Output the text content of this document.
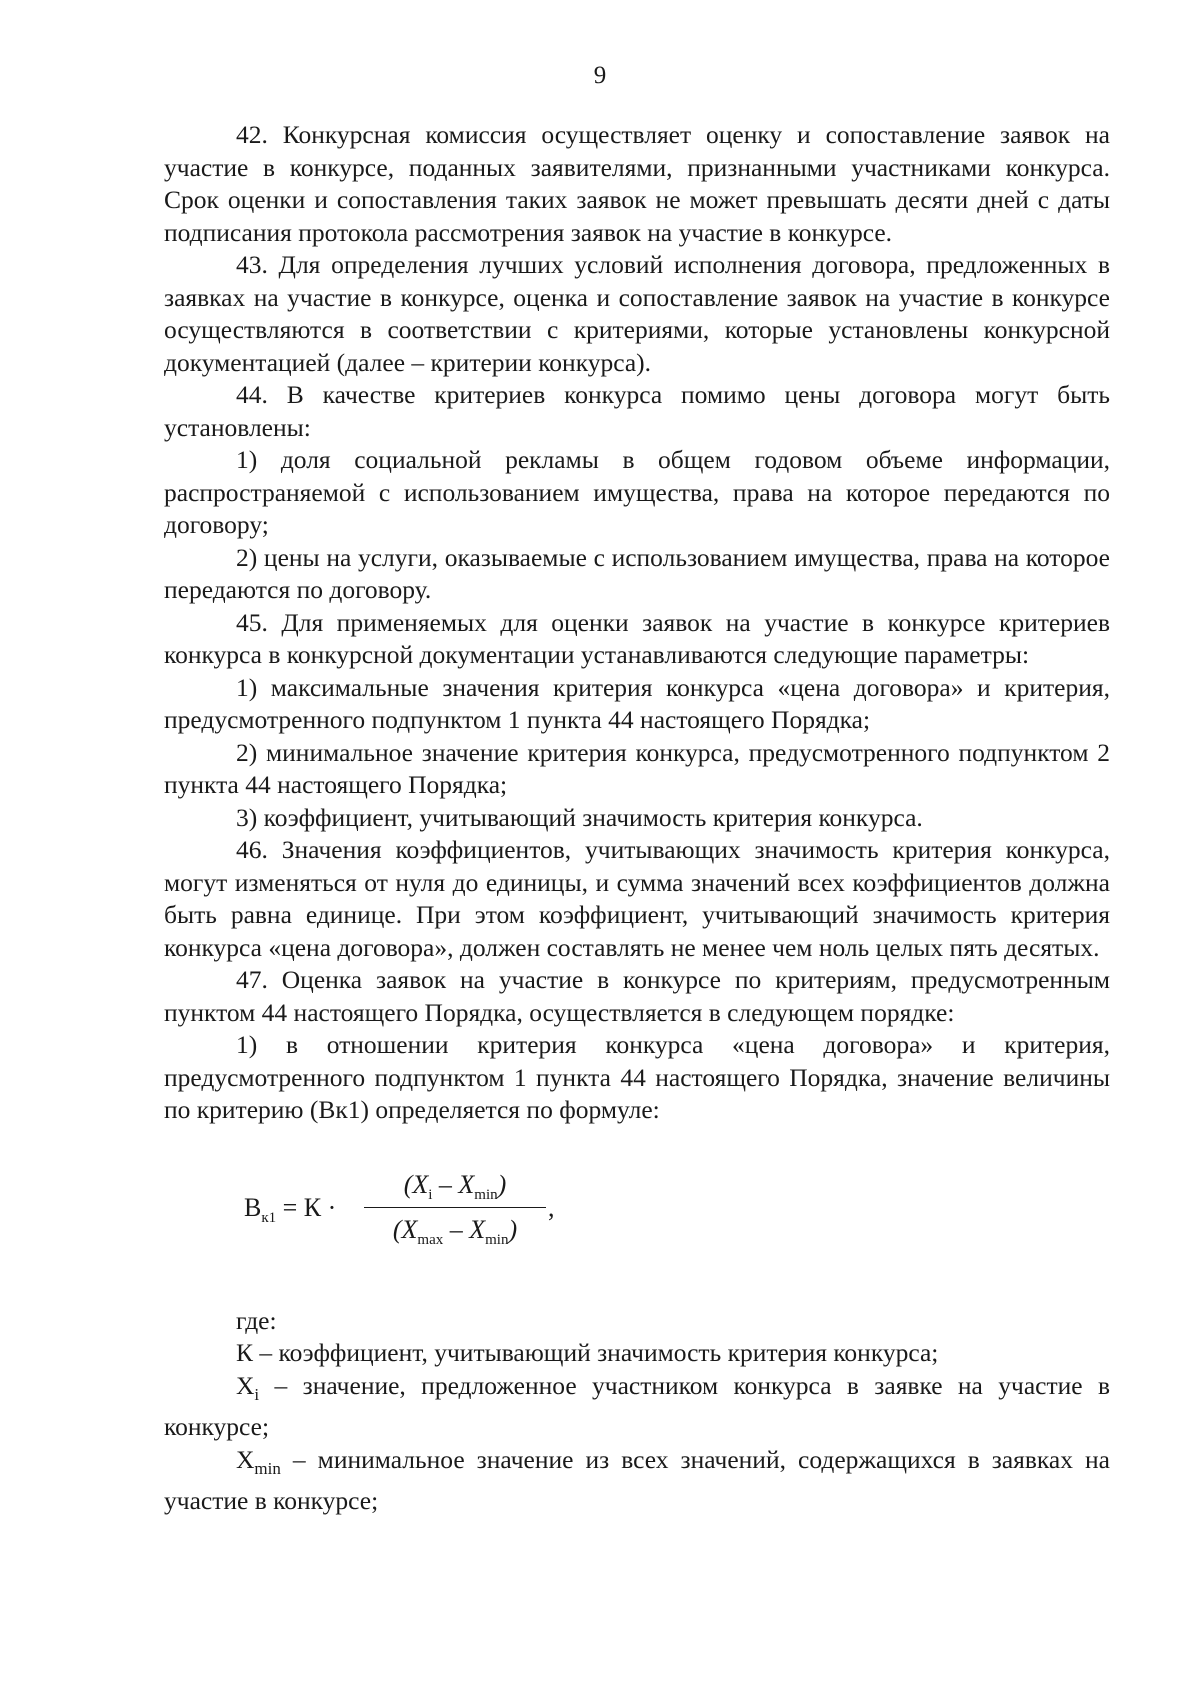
9

42. Конкурсная комиссия осуществляет оценку и сопоставление заявок на участие в конкурсе, поданных заявителями, признанными участниками конкурса. Срок оценки и сопоставления таких заявок не может превышать десяти дней с даты подписания протокола рассмотрения заявок на участие в конкурсе.

43. Для определения лучших условий исполнения договора, предложенных в заявках на участие в конкурсе, оценка и сопоставление заявок на участие в конкурсе осуществляются в соответствии с критериями, которые установлены конкурсной документацией (далее – критерии конкурса).

44. В качестве критериев конкурса помимо цены договора могут быть установлены:

1) доля социальной рекламы в общем годовом объеме информации, распространяемой с использованием имущества, права на которое передаются по договору;

2) цены на услуги, оказываемые с использованием имущества, права на которое передаются по договору.

45. Для применяемых для оценки заявок на участие в конкурсе критериев конкурса в конкурсной документации устанавливаются следующие параметры:

1) максимальные значения критерия конкурса «цена договора» и критерия, предусмотренного подпунктом 1 пункта 44 настоящего Порядка;

2) минимальное значение критерия конкурса, предусмотренного подпунктом 2 пункта 44 настоящего Порядка;

3) коэффициент, учитывающий значимость критерия конкурса.

46. Значения коэффициентов, учитывающих значимость критерия конкурса, могут изменяться от нуля до единицы, и сумма значений всех коэффициентов должна быть равна единице. При этом коэффициент, учитывающий значимость критерия конкурса «цена договора», должен составлять не менее чем ноль целых пять десятых.

47. Оценка заявок на участие в конкурсе по критериям, предусмотренным пунктом 44 настоящего Порядка, осуществляется в следующем порядке:

1) в отношении критерия конкурса «цена договора» и критерия, предусмотренного подпунктом 1 пункта 44 настоящего Порядка, значение величины по критерию (Вк1) определяется по формуле:

$В_{к1} = К$ ·
$(X_i - X_{min})$
$(X_{max} - X_{min})$
,

где:

К – коэффициент, учитывающий значимость критерия конкурса;

$X_i$ – значение, предложенное участником конкурса в заявке на участие в конкурсе;

$X_{min}$ – минимальное значение из всех значений, содержащихся в заявках на участие в конкурсе;
